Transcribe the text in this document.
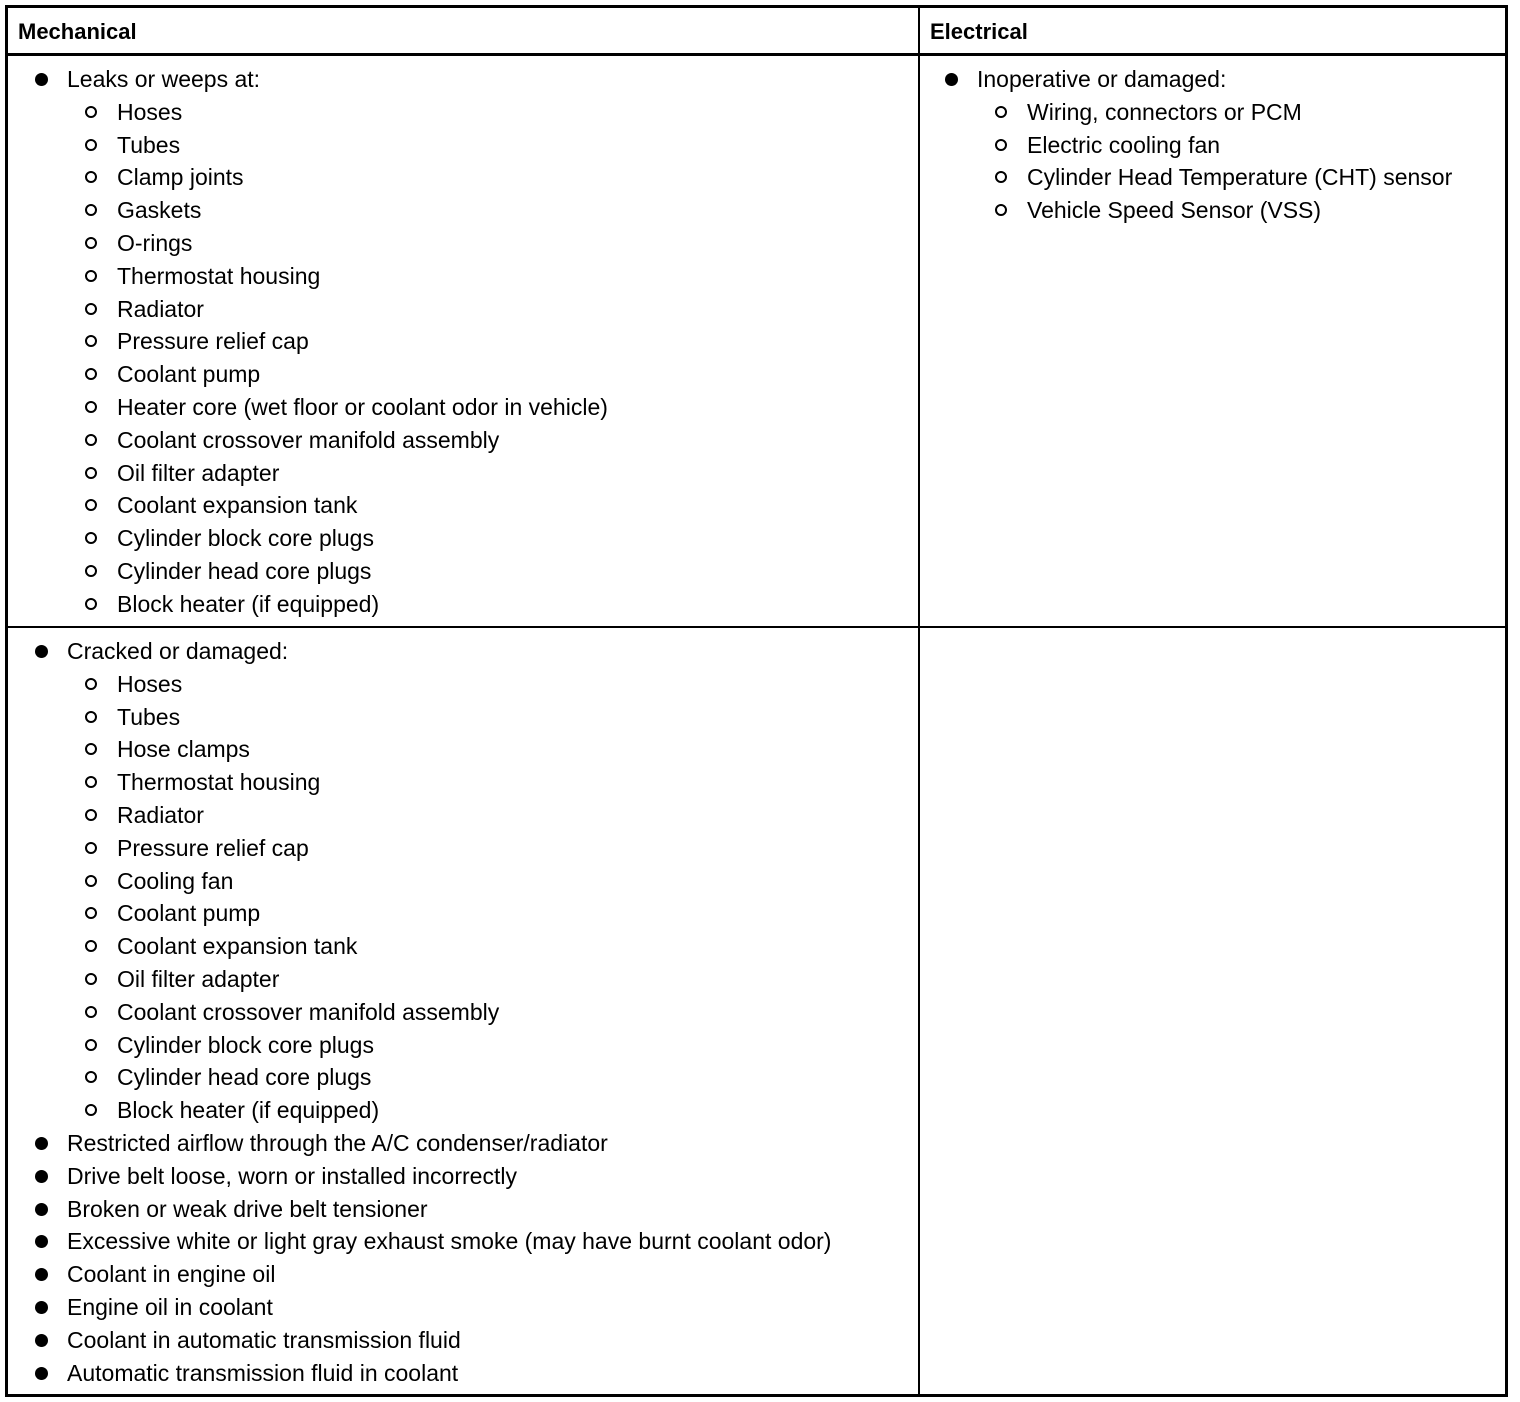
Mechanical	Electrical
Leaks or weeps at:
Hoses
Tubes
Clamp joints
Gaskets
O-rings
Thermostat housing
Radiator
Pressure relief cap
Coolant pump
Heater core (wet floor or coolant odor in vehicle)
Coolant crossover manifold assembly
Oil filter adapter
Coolant expansion tank
Cylinder block core plugs
Cylinder head core plugs
Block heater (if equipped)
Inoperative or damaged:
Wiring, connectors or PCM
Electric cooling fan
Cylinder Head Temperature (CHT) sensor
Vehicle Speed Sensor (VSS)
Cracked or damaged:
Hoses
Tubes
Hose clamps
Thermostat housing
Radiator
Pressure relief cap
Cooling fan
Coolant pump
Coolant expansion tank
Oil filter adapter
Coolant crossover manifold assembly
Cylinder block core plugs
Cylinder head core plugs
Block heater (if equipped)
Restricted airflow through the A/C condenser/radiator
Drive belt loose, worn or installed incorrectly
Broken or weak drive belt tensioner
Excessive white or light gray exhaust smoke (may have burnt coolant odor)
Coolant in engine oil
Engine oil in coolant
Coolant in automatic transmission fluid
Automatic transmission fluid in coolant
